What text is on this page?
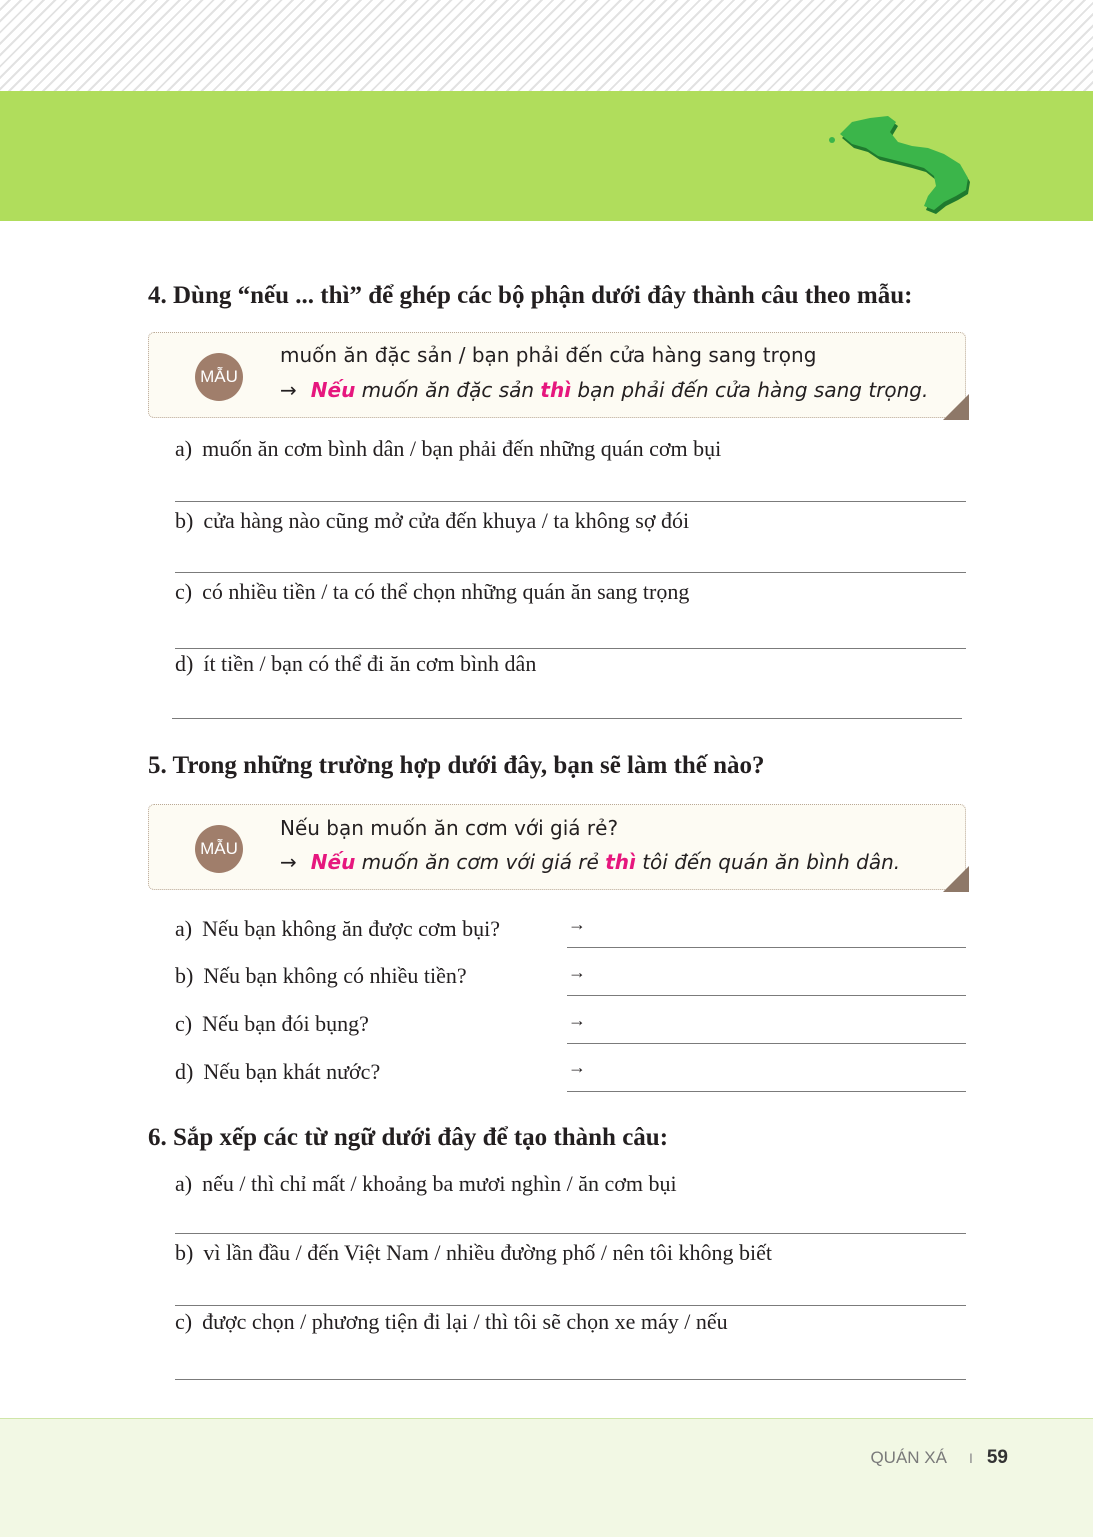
4. Dùng “nếu ... thì” để ghép các bộ phận dưới đây thành câu theo mẫu:
MẪU
muốn ăn đặc sản / bạn phải đến cửa hàng sang trọng
→ Nếu muốn ăn đặc sản thì bạn phải đến cửa hàng sang trọng.
a) muốn ăn cơm bình dân / bạn phải đến những quán cơm bụi
b) cửa hàng nào cũng mở cửa đến khuya / ta không sợ đói
c) có nhiều tiền / ta có thể chọn những quán ăn sang trọng
d) ít tiền / bạn có thể đi ăn cơm bình dân
5. Trong những trường hợp dưới đây, bạn sẽ làm thế nào?
MẪU
Nếu bạn muốn ăn cơm với giá rẻ?
→ Nếu muốn ăn cơm với giá rẻ thì tôi đến quán ăn bình dân.
a) Nếu bạn không ăn được cơm bụi?	→
b) Nếu bạn không có nhiều tiền?	→
c) Nếu bạn đói bụng?	→
d) Nếu bạn khát nước?	→
6. Sắp xếp các từ ngữ dưới đây để tạo thành câu:
a) nếu / thì chỉ mất / khoảng ba mươi nghìn / ăn cơm bụi
b) vì lần đầu / đến Việt Nam / nhiều đường phố / nên tôi không biết
c) được chọn / phương tiện đi lại / thì tôi sẽ chọn xe máy / nếu
QUÁN XÁ I 59
